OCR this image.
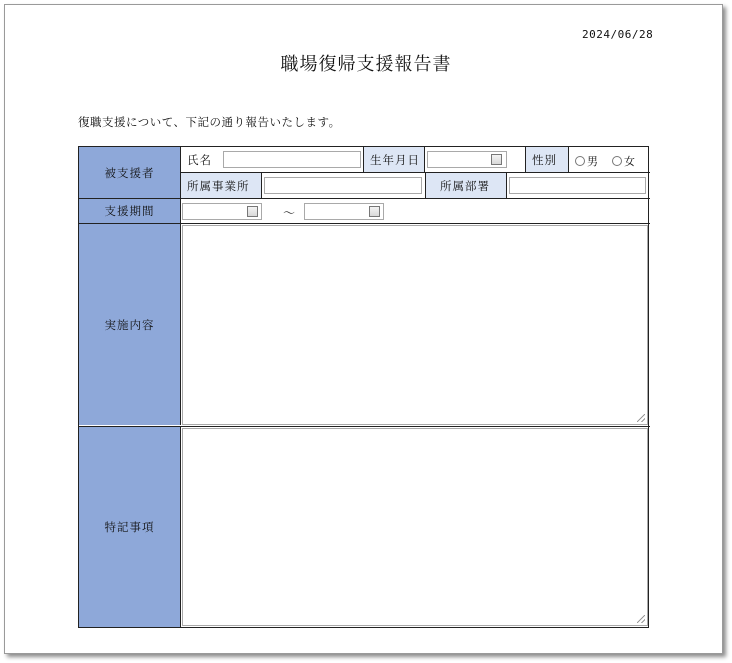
2024/06/28
職場復帰支援報告書
復職支援について、下記の通り報告いたします。
被支援者
氏名	生年月日	性別	男 女
所属事業所	所属部署
支援期間	～
実施内容
特記事項
